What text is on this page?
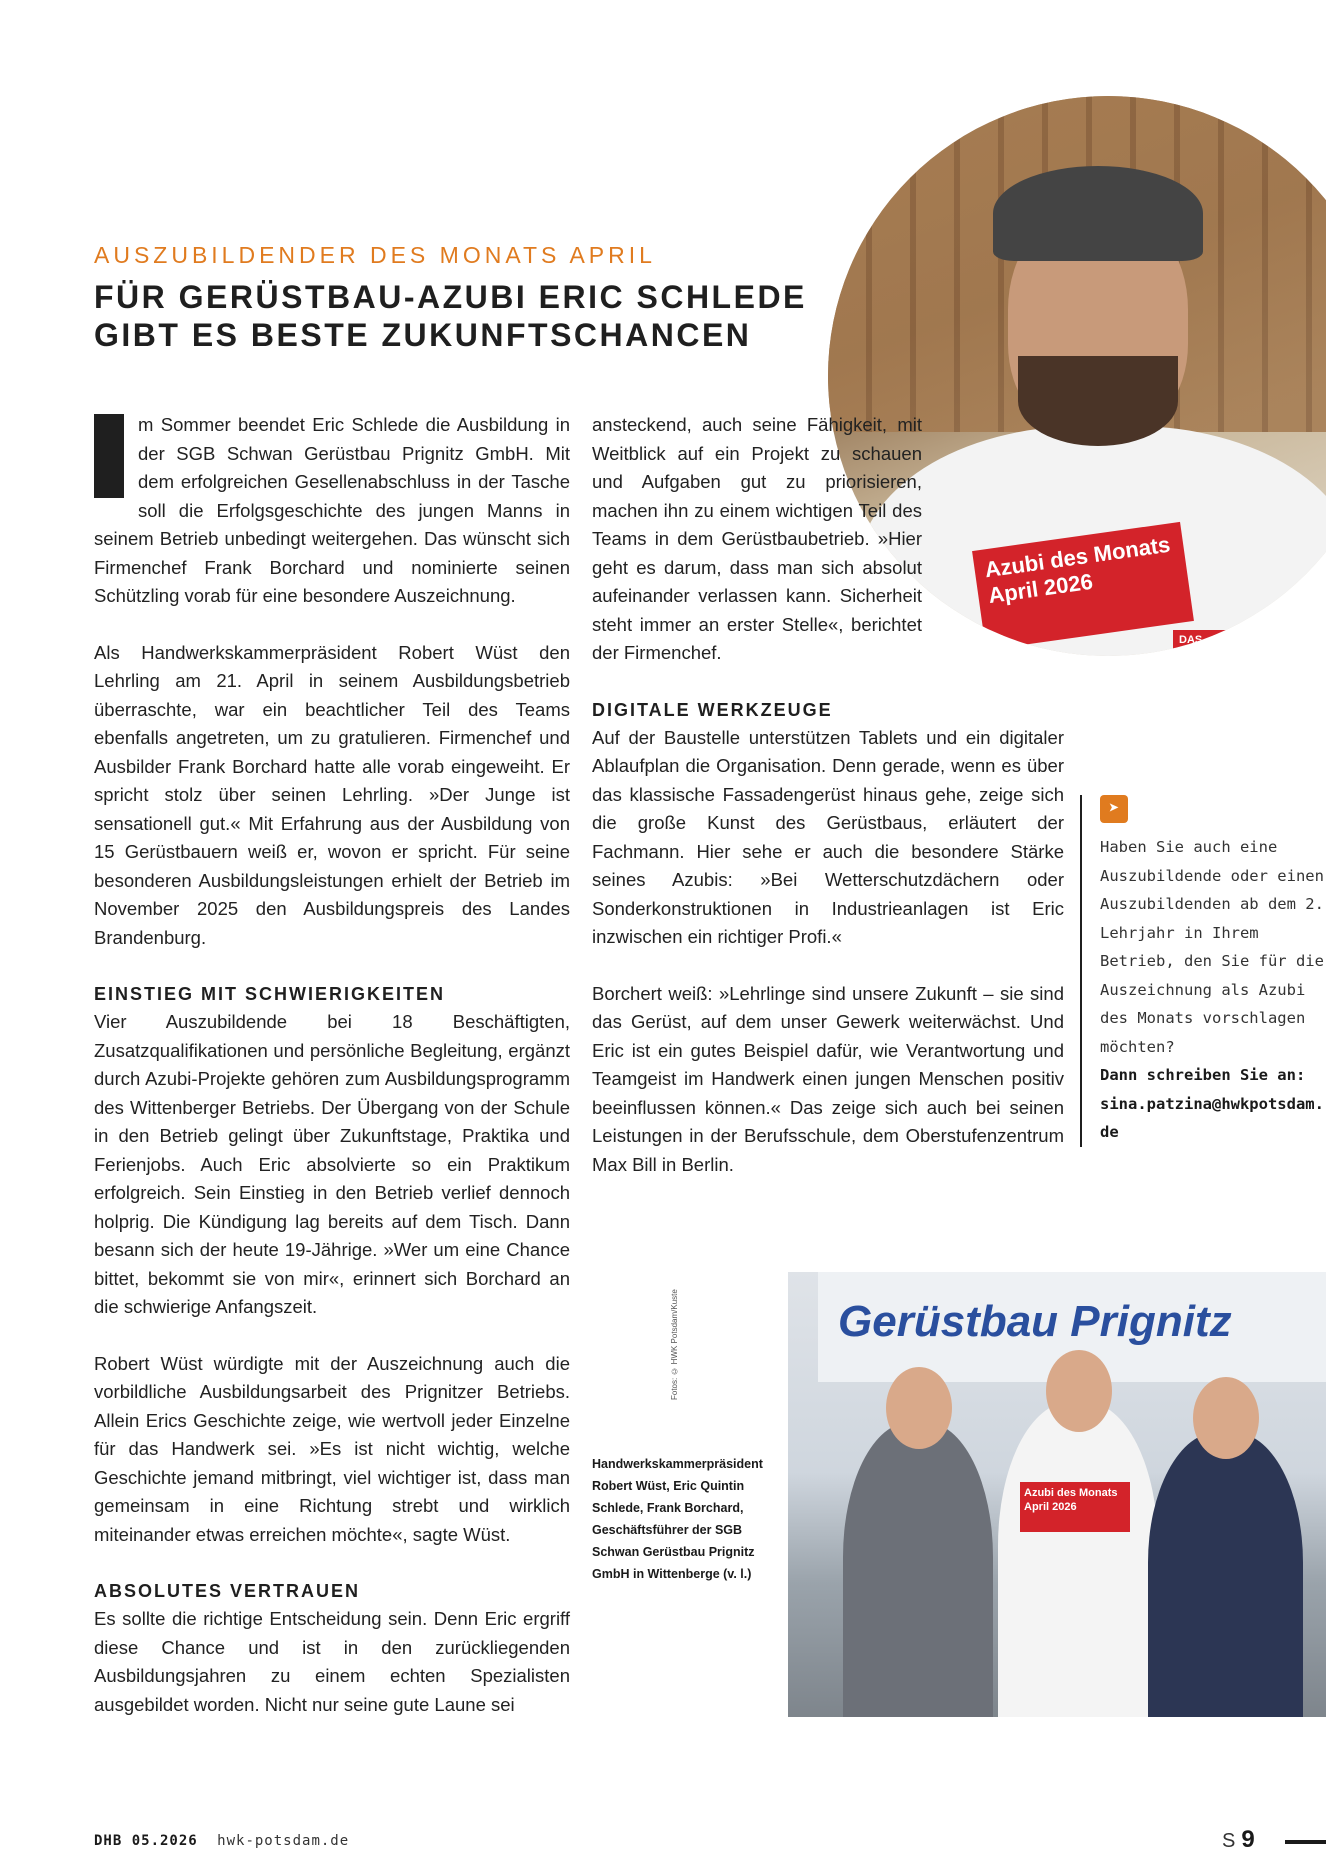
AUSZUBILDENDER DES MONATS APRIL
FÜR GERÜSTBAU-AZUBI ERIC SCHLEDE
GIBT ES BESTE ZUKUNFTSCHANCEN

I	m Sommer beendet Eric Schlede die Ausbildung in der SGB Schwan Gerüstbau Prignitz GmbH. Mit dem erfolgreichen Gesellenabschluss in der Tasche soll die Erfolgsgeschichte des jungen Manns in seinem Betrieb unbedingt weitergehen. Das wünscht sich Firmenchef Frank Borchard und nominierte seinen Schützling vorab für eine besondere Auszeichnung.

Als Handwerkskammerpräsident Robert Wüst den Lehrling am 21. April in seinem Ausbildungsbetrieb überraschte, war ein beachtlicher Teil des Teams ebenfalls angetreten, um zu gratulieren. Firmenchef und Ausbilder Frank Borchard hatte alle vorab eingeweiht. Er spricht stolz über seinen Lehrling. »Der Junge ist sensationell gut.« Mit Erfahrung aus der Ausbildung von 15 Gerüstbauern weiß er, wovon er spricht. Für seine besonderen Ausbildungsleistungen erhielt der Betrieb im November 2025 den Ausbildungspreis des Landes Brandenburg.

EINSTIEG MIT SCHWIERIGKEITEN

Vier Auszubildende bei 18 Beschäftigten, Zusatzqualifikationen und persönliche Begleitung, ergänzt durch Azubi-Projekte gehören zum Ausbildungsprogramm des Wittenberger Betriebs. Der Übergang von der Schule in den Betrieb gelingt über Zukunftstage, Praktika und Ferienjobs. Auch Eric absolvierte so ein Praktikum erfolgreich. Sein Einstieg in den Betrieb verlief dennoch holprig. Die Kündigung lag bereits auf dem Tisch. Dann besann sich der heute 19-Jährige. »Wer um eine Chance bittet, bekommt sie von mir«, erinnert sich Borchard an die schwierige Anfangszeit.

Robert Wüst würdigte mit der Auszeichnung auch die vorbildliche Ausbildungsarbeit des Prignitzer Betriebs. Allein Erics Geschichte zeige, wie wertvoll jeder Einzelne für das Handwerk sei. »Es ist nicht wichtig, welche Geschichte jemand mitbringt, viel wichtiger ist, dass man gemeinsam in eine Richtung strebt und wirklich miteinander etwas erreichen möchte«, sagte Wüst.

ABSOLUTES VERTRAUEN

Es sollte die richtige Entscheidung sein. Denn Eric ergriff diese Chance und ist in den zurückliegenden Ausbildungsjahren zu einem echten Spezialisten ausgebildet worden. Nicht nur seine gute Laune sei

Azubi des Monats April 2026
DAS HANDWERK

ansteckend, auch seine Fähigkeit, mit Weitblick auf ein Projekt zu schauen und Aufgaben gut zu priorisieren, machen ihn zu einem wichtigen Teil des Teams in dem Gerüstbaubetrieb. »Hier geht es darum, dass man sich absolut aufeinander verlassen kann. Sicherheit steht immer an erster Stelle«, berichtet der Firmenchef.

DIGITALE WERKZEUGE

Auf der Baustelle unterstützen Tablets und ein digitaler Ablaufplan die Organisation. Denn gerade, wenn es über das klassische Fassadengerüst hinaus gehe, zeige sich die große Kunst des Gerüstbaus, erläutert der Fachmann. Hier sehe er auch die besondere Stärke seines Azubis: »Bei Wetterschutzdächern oder Sonderkonstruktionen in Industrieanlagen ist Eric inzwischen ein richtiger Profi.«

Borchert weiß: »Lehrlinge sind unsere Zukunft – sie sind das Gerüst, auf dem unser Gewerk weiterwächst. Und Eric ist ein gutes Beispiel dafür, wie Verantwortung und Teamgeist im Handwerk einen jungen Menschen positiv beeinflussen können.« Das zeige sich auch bei seinen Leistungen in der Berufsschule, dem Oberstufenzentrum Max Bill in Berlin.

➤
Haben Sie auch eine Auszubildende oder einen Auszubildenden ab dem 2. Lehrjahr in Ihrem Betrieb, den Sie für die Auszeichnung als Azubi des Monats vorschlagen möchten?
Dann schreiben Sie an:
sina.patzina@hwkpotsdam.de
Fotos: © HWK Potsdam/Kuste
Handwerkskammerpräsident Robert Wüst, Eric Quintin Schlede, Frank Borchard, Geschäftsführer der SGB Schwan Gerüstbau Prignitz GmbH in Wittenberge (v. l.)
Gerüstbau Prignitz
Azubi des Monats April 2026
DHB 05.2026 hwk-potsdam.de	S 9
